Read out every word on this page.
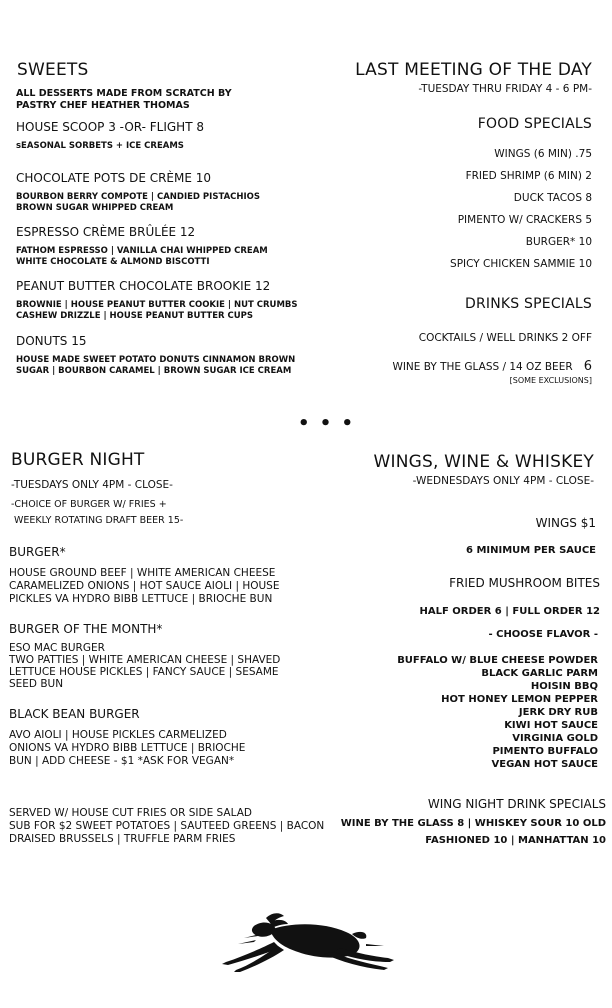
SWEETS
ALL DESSERTS MADE FROM SCRATCH BY
PASTRY CHEF HEATHER THOMAS
HOUSE SCOOP 3 -OR- FLIGHT 8
sEASONAL SORBETS + ICE CREAMS
CHOCOLATE POTS DE CRÈME 10
BOURBON BERRY COMPOTE | CANDIED PISTACHIOS
BROWN SUGAR WHIPPED CREAM
ESPRESSO CRÈME BRÛLÉE 12
FATHOM ESPRESSO | VANILLA CHAI WHIPPED CREAM
WHITE CHOCOLATE & ALMOND BISCOTTI
PEANUT BUTTER CHOCOLATE BROOKIE 12
BROWNIE | HOUSE PEANUT BUTTER COOKIE | NUT CRUMBS
CASHEW DRIZZLE | HOUSE PEANUT BUTTER CUPS
DONUTS 15
HOUSE MADE SWEET POTATO DONUTS CINNAMON BROWN
SUGAR | BOURBON CARAMEL | BROWN SUGAR ICE CREAM
LAST MEETING OF THE DAY
-TUESDAY THRU FRIDAY 4 - 6 PM-
FOOD SPECIALS
WINGS (6 MIN) .75
FRIED SHRIMP (6 MIN) 2
DUCK TACOS 8
PIMENTO W/ CRACKERS 5
BURGER* 10
SPICY CHICKEN SAMMIE 10
DRINKS SPECIALS
COCKTAILS / WELL DRINKS 2 OFF
WINE BY THE GLASS / 14 OZ BEER 6
[SOME EXCLUSIONS]
• • •
BURGER NIGHT
-TUESDAYS ONLY 4PM - CLOSE-
-CHOICE OF BURGER W/ FRIES +
WEEKLY ROTATING DRAFT BEER 15-
BURGER*
HOUSE GROUND BEEF | WHITE AMERICAN CHEESE
CARAMELIZED ONIONS | HOT SAUCE AIOLI | HOUSE
PICKLES VA HYDRO BIBB LETTUCE | BRIOCHE BUN
BURGER OF THE MONTH*
ESO MAC BURGER
TWO PATTIES | WHITE AMERICAN CHEESE | SHAVED
LETTUCE HOUSE PICKLES | FANCY SAUCE | SESAME
SEED BUN
BLACK BEAN BURGER
AVO AIOLI | HOUSE PICKLES CARMELIZED
ONIONS VA HYDRO BIBB LETTUCE | BRIOCHE
BUN | ADD CHEESE - $1 *ASK FOR VEGAN*
SERVED W/ HOUSE CUT FRIES OR SIDE SALAD
SUB FOR $2 SWEET POTATOES | SAUTEED GREENS | BACON
DRAISED BRUSSELS | TRUFFLE PARM FRIES
WINGS, WINE & WHISKEY
-WEDNESDAYS ONLY 4PM - CLOSE-
WINGS $1
6 MINIMUM PER SAUCE
FRIED MUSHROOM BITES
HALF ORDER 6 | FULL ORDER 12
- CHOOSE FLAVOR -
BUFFALO W/ BLUE CHEESE POWDER
BLACK GARLIC PARM
HOISIN BBQ
HOT HONEY LEMON PEPPER
JERK DRY RUB
KIWI HOT SAUCE
VIRGINIA GOLD
PIMENTO BUFFALO
VEGAN HOT SAUCE
WING NIGHT DRINK SPECIALS
WINE BY THE GLASS 8 | WHISKEY SOUR 10 OLD
FASHIONED 10 | MANHATTAN 10
